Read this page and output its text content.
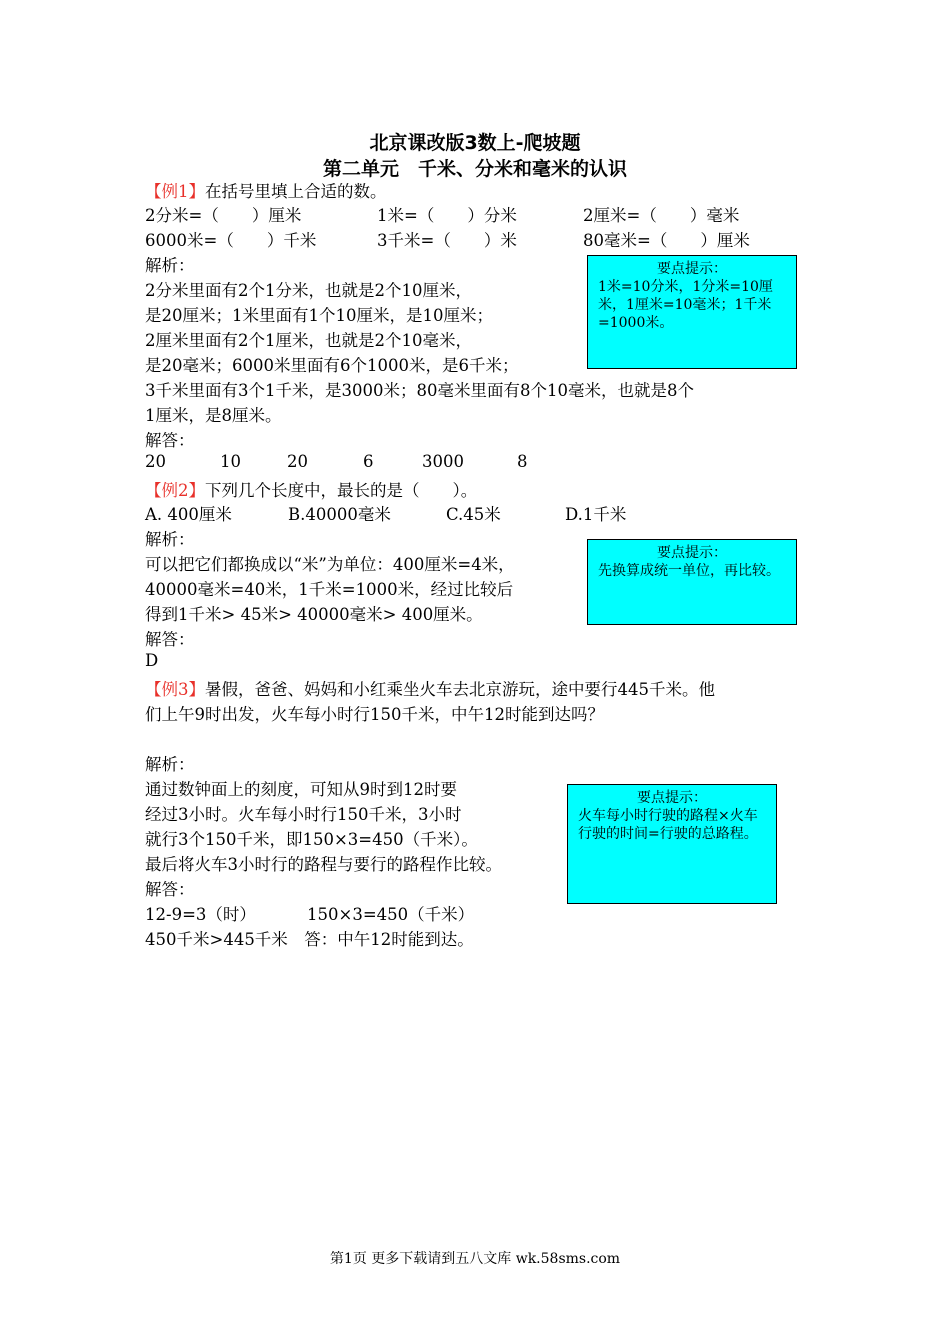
北京课改版3数上-爬坡题
第二单元　千米、分米和毫米的认识
【例1】在括号里填上合适的数。
2分米=（　　）厘米	1米=（　　）分米	2厘米=（　　）毫米
6000米=（　　）千米	3千米=（　　）米	80毫米=（　　）厘米
解析：
2分米里面有2个1分米，也就是2个10厘米，
是20厘米；1米里面有1个10厘米，是10厘米；
2厘米里面有2个1厘米，也就是2个10毫米，
是20毫米；6000米里面有6个1000米，是6千米；
3千米里面有3个1千米，是3000米；80毫米里面有8个10毫米，也就是8个
1厘米，是8厘米。
解答：
20	10	20	6	3000	8
要点提示：
1米=10分米，1分米=10厘米，1厘米=10毫米；1千米=1000米。
【例2】下列几个长度中，最长的是（　　）。
A. 400厘米	B.40000毫米	C.45米	D.1千米
解析：
可以把它们都换成以“米”为单位：400厘米=4米，
40000毫米=40米，1千米=1000米，经过比较后
得到1千米> 45米> 40000毫米> 400厘米。
解答：
D
要点提示：
先换算成统一单位，再比较。
【例3】暑假，爸爸、妈妈和小红乘坐火车去北京游玩，途中要行445千米。他
们上午9时出发，火车每小时行150千米，中午12时能到达吗？
解析：
通过数钟面上的刻度，可知从9时到12时要
经过3小时。火车每小时行150千米，3小时
就行3个150千米，即150×3=450（千米）。
最后将火车3小时行的路程与要行的路程作比较。
解答：
12-9=3（时）	150×3=450（千米）
450千米>445千米　答：中午12时能到达。
要点提示：
火车每小时行驶的路程×火车行驶的时间=行驶的总路程。
第1页 更多下载请到五八文库 wk.58sms.com
